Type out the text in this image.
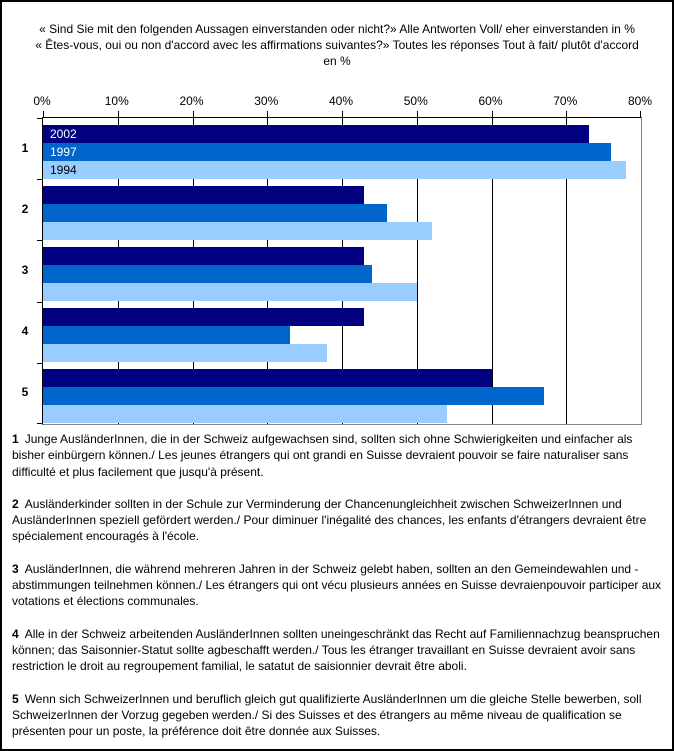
« Sind Sie mit den folgenden Aussagen einverstanden oder nicht?» Alle Antworten Voll/ eher einverstanden in %
« Êtes-vous, oui ou non d'accord avec les affirmations suivantes?» Toutes les réponses Tout à fait/ plutôt d'accord
en %
0%	10%	20%	30%	40%	50%	60%	70%	80%
1
2002
1997
1994
2
3
4
5

1 Junge AusländerInnen, die in der Schweiz aufgewachsen sind, sollten sich ohne Schwierigkeiten und einfacher als bisher einbürgern können./ Les jeunes étrangers qui ont grandi en Suisse devraient pouvoir se faire naturaliser sans difficulté et plus facilement que jusqu'à présent.

2 Ausländerkinder sollten in der Schule zur Verminderung der Chancenungleichheit zwischen SchweizerInnen und AusländerInnen speziell gefördert werden./ Pour diminuer l'inégalité des chances, les enfants d'étrangers devraient être spécialement encouragés à l'école.

3 AusländerInnen, die während mehreren Jahren in der Schweiz gelebt haben, sollten an den Gemeindewahlen und -abstimmungen teilnehmen können./ Les étrangers qui ont vécu plusieurs années en Suisse devraienpouvoir participer aux votations et élections communales.

4 Alle in der Schweiz arbeitenden AusländerInnen sollten uneingeschränkt das Recht auf Familiennachzug beanspruchen können; das Saisonnier-Statut sollte agbeschafft werden./ Tous les étranger travaillant en Suisse devraient avoir sans restriction le droit au regroupement familial, le satatut de saisionnier devrait être aboli.

5 Wenn sich SchweizerInnen und beruflich gleich gut qualifizierte AusländerInnen um die gleiche Stelle bewerben, soll SchweizerInnen der Vorzug gegeben werden./ Si des Suisses et des étrangers au même niveau de qualification se présenten pour un poste, la préférence doit être donnée aux Suisses.
